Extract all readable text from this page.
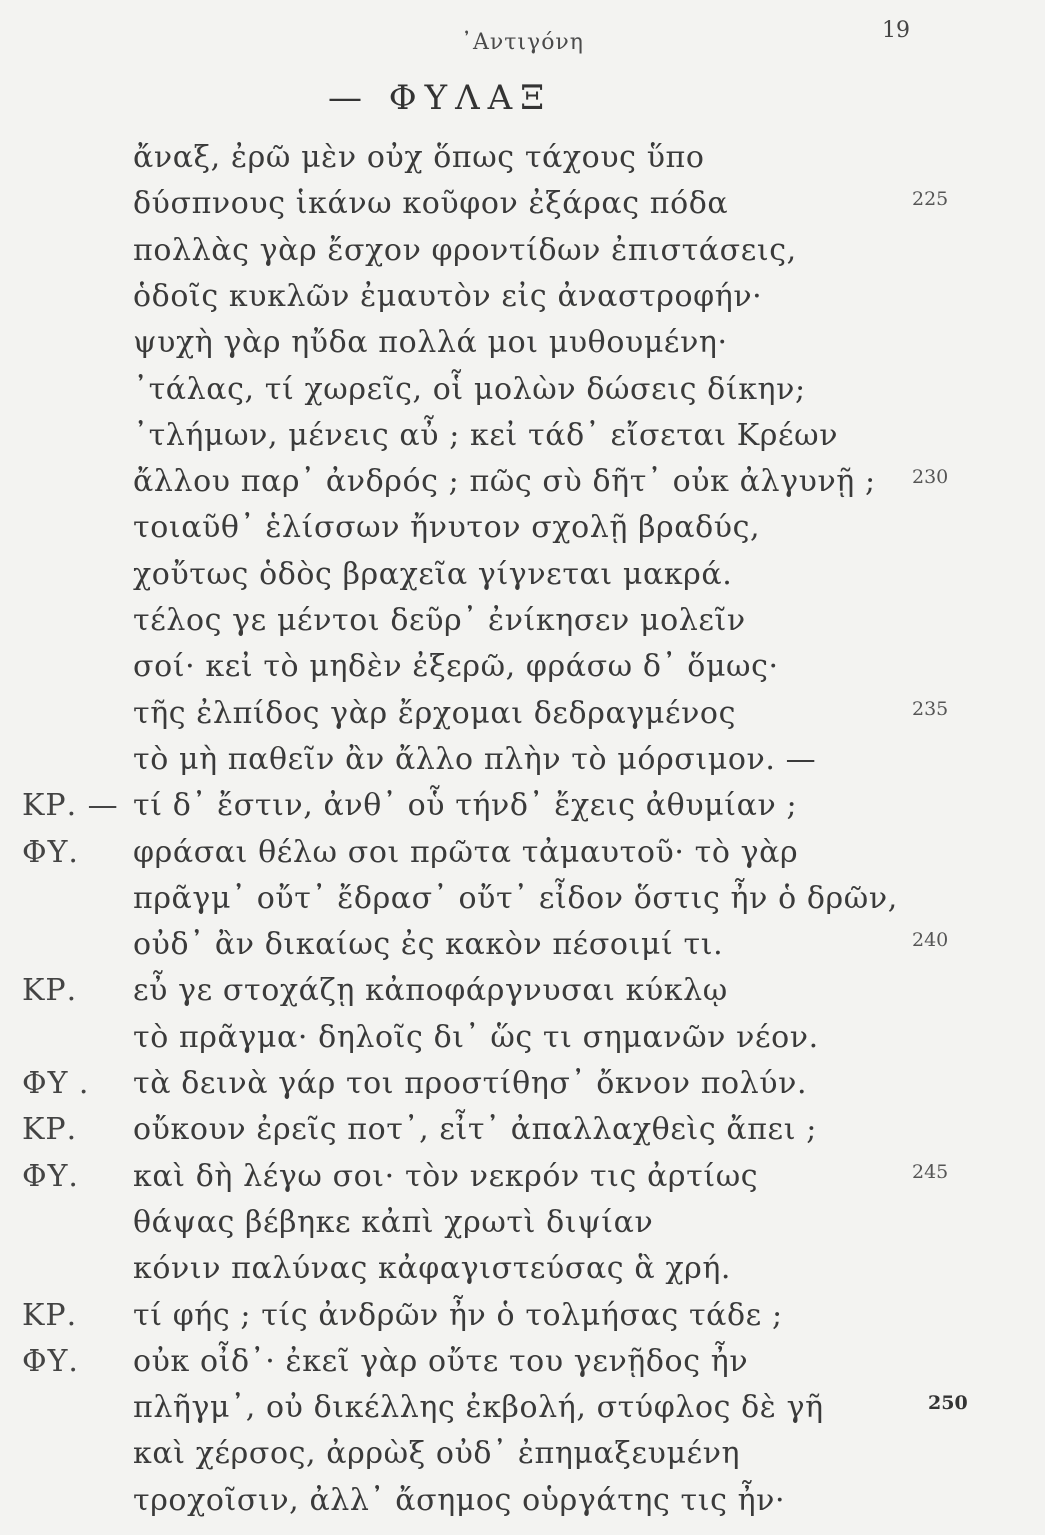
᾿Αντιγόνη	19
— ΦΥΛΑΞ
ἄναξ, ἐρῶ μὲν οὐχ ὅπως τάχους ὕπο
δύσπνους ἱκάνω κοῦφον ἐξάρας πόδα	225
πολλὰς γὰρ ἔσχον φροντίδων ἐπιστάσεις,
ὁδοῖς κυκλῶν ἐμαυτὸν εἰς ἀναστροφήν·
ψυχὴ γὰρ ηὔδα πολλά μοι μυθουμένη·
᾿τάλας, τί χωρεῖς, οἷ μολὼν δώσεις δίκην;
᾿τλήμων, μένεις αὖ ; κεἰ τάδ᾿ εἴσεται Κρέων
ἄλλου παρ᾿ ἀνδρός ; πῶς σὺ δῆτ᾿ οὐκ ἀλγυνῇ ; 230
τοιαῦθ᾿ ἑλίσσων ἤνυτον σχολῇ βραδύς,
χοὔτως ὁδὸς βραχεῖα γίγνεται μακρά.
τέλος γε μέντοι δεῦρ᾿ ἐνίκησεν μολεῖν
σοί· κεἰ τὸ μηδὲν ἐξερῶ, φράσω δ᾿ ὅμως·
τῆς ἐλπίδος γὰρ ἔρχομαι δεδραγμένος	235
τὸ μὴ παθεῖν ἂν ἄλλο πλὴν τὸ μόρσιμον. —
ΚΡ. — τί δ᾿ ἔστιν, ἀνθ᾿ οὗ τήνδ᾿ ἔχεις ἀθυμίαν ;
ΦΥ. φράσαι θέλω σοι πρῶτα τἀμαυτοῦ· τὸ γὰρ
πρᾶγμ᾿ οὔτ᾿ ἔδρασ᾿ οὔτ᾿ εἶδον ὅστις ἦν ὁ δρῶν,
οὐδ᾿ ἂν δικαίως ἐς κακὸν πέσοιμί τι.	240
ΚΡ. εὖ γε στοχάζῃ κἀποφάργνυσαι κύκλῳ
τὸ πρᾶγμα· δηλοῖς δι᾿ ὥς τι σημανῶν νέον.
ΦΥ . τὰ δεινὰ γάρ τοι προστίθησ᾿ ὄκνον πολύν.
ΚΡ. οὔκουν ἐρεῖς ποτ᾿, εἶτ᾿ ἀπαλλαχθεὶς ἄπει ;
ΦΥ. καὶ δὴ λέγω σοι· τὸν νεκρόν τις ἀρτίως	245
θάψας βέβηκε κἀπὶ χρωτὶ διψίαν
κόνιν παλύνας κἀφαγιστεύσας ἃ χρή.
ΚΡ. τί φής ; τίς ἀνδρῶν ἦν ὁ τολμήσας τάδε ;
ΦΥ. οὐκ οἶδ᾿· ἐκεῖ γὰρ οὔτε του γενῇδος ἦν
πλῆγμ᾿, οὐ δικέλλης ἐκβολή, στύφλος δὲ γῆ	250
καὶ χέρσος, ἀρρὼξ οὐδ᾿ ἐπημαξευμένη
τροχοῖσιν, ἀλλ᾿ ἄσημος οὑργάτης τις ἦν·
